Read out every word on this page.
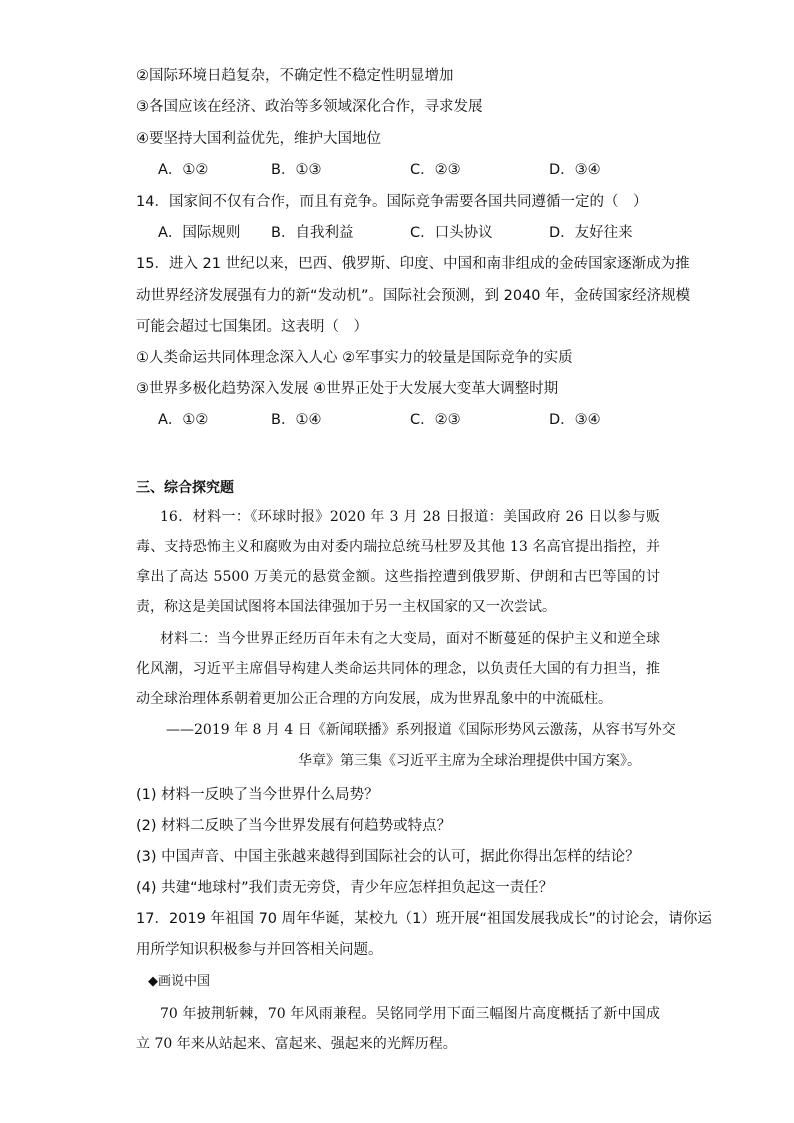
②国际环境日趋复杂，不确定性不稳定性明显增加
③各国应该在经济、政治等多领域深化合作，寻求发展
④要坚持大国利益优先，维护大国地位
A．①②	B．①③	C．②③	D．③④
14．国家间不仅有合作，而且有竞争。国际竞争需要各国共同遵循一定的（　）
A．国际规则 B．自我利益	C．口头协议	D．友好往来
15．进入 21 世纪以来，巴西、俄罗斯、印度、中国和南非组成的金砖国家逐渐成为推
动世界经济发展强有力的新“发动机”。国际社会预测，到 2040 年，金砖国家经济规模
可能会超过七国集团。这表明（　）
①人类命运共同体理念深入人心 ②军事实力的较量是国际竞争的实质
③世界多极化趋势深入发展 ④世界正处于大发展大变革大调整时期
A．①②	B．①④	C．②③	D．③④
三、综合探究题
16．材料一：《环球时报》2020 年 3 月 28 日报道：美国政府 26 日以参与贩毒、支持恐怖主义和腐败为由对委内瑞拉总统马杜罗及其他 13 名高官提出指控，并拿出了高达 5500 万美元的悬赏金额。这些指控遭到俄罗斯、伊朗和古巴等国的讨责，称这是美国试图将本国法律强加于另一主权国家的又一次尝试。
材料二：当今世界正经历百年未有之大变局，面对不断蔓延的保护主义和逆全球化风潮，习近平主席倡导构建人类命运共同体的理念，以负责任大国的有力担当，推动全球治理体系朝着更加公正合理的方向发展，成为世界乱象中的中流砥柱。
——2019 年 8 月 4 日《新闻联播》系列报道《国际形势风云激荡，从容书写外交
华章》第三集《习近平主席为全球治理提供中国方案》。
(1) 材料一反映了当今世界什么局势？
(2) 材料二反映了当今世界发展有何趋势或特点？
(3) 中国声音、中国主张越来越得到国际社会的认可，据此你得出怎样的结论？
(4) 共建“地球村”我们责无旁贷，青少年应怎样担负起这一责任？
17．2019 年祖国 70 周年华诞，某校九（1）班开展“祖国发展我成长”的讨论会，请你运
用所学知识积极参与并回答相关问题。
◆画说中国
70 年披荆斩棘，70 年风雨兼程。吴铭同学用下面三幅图片高度概括了新中国成立 70 年来从站起来、富起来、强起来的光辉历程。
